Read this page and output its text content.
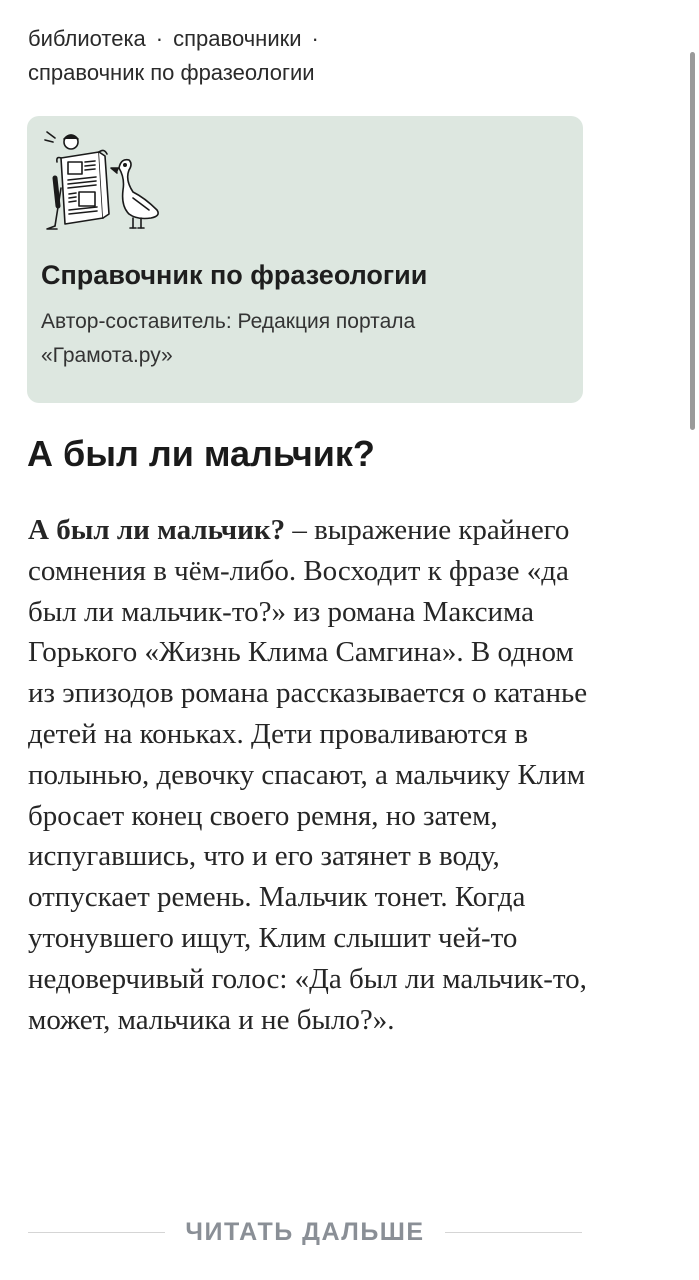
библиотека · справочники ·
справочник по фразеологии
Справочник по фразеологии
Автор-составитель: Редакция портала «Грамота.ру»
А был ли мальчик?

А был ли мальчик? – выражение крайнего сомнения в чём-либо. Восходит к фразе «да был ли мальчик-то?» из романа Максима Горького «Жизнь Клима Самгина». В одном из эпизодов романа рассказывается о катанье детей на коньках. Дети проваливаются в полынью, девочку спасают, а мальчику Клим бросает конец своего ремня, но затем, испугавшись, что и его затянет в воду, отпускает ремень. Мальчик тонет. Когда утонувшего ищут, Клим слышит чей-то недоверчивый голос: «Да был ли мальчик-то, может, мальчика и не было?».

ЧИТАТЬ ДАЛЬШЕ
